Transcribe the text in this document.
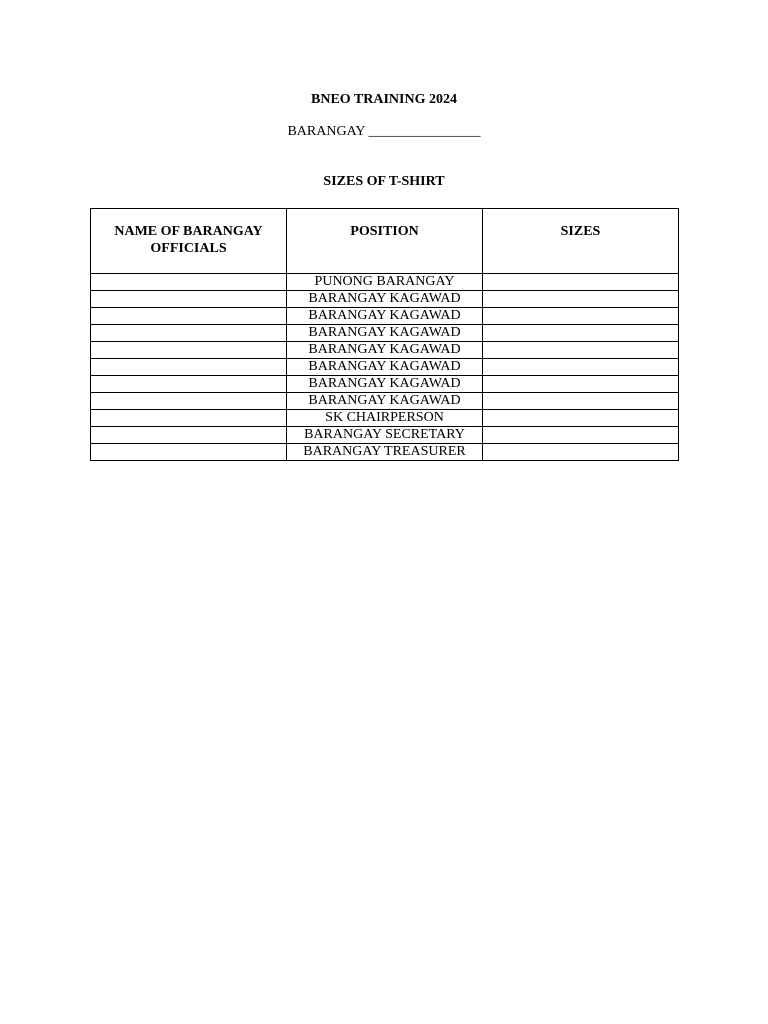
BNEO TRAINING 2024
BARANGAY ________________
SIZES OF T-SHIRT
NAME OF BARANGAY OFFICIALS	POSITION	SIZES
	PUNONG BARANGAY	
	BARANGAY KAGAWAD	
	BARANGAY KAGAWAD	
	BARANGAY KAGAWAD	
	BARANGAY KAGAWAD	
	BARANGAY KAGAWAD	
	BARANGAY KAGAWAD	
	BARANGAY KAGAWAD	
	SK CHAIRPERSON	
	BARANGAY SECRETARY	
	BARANGAY TREASURER	
